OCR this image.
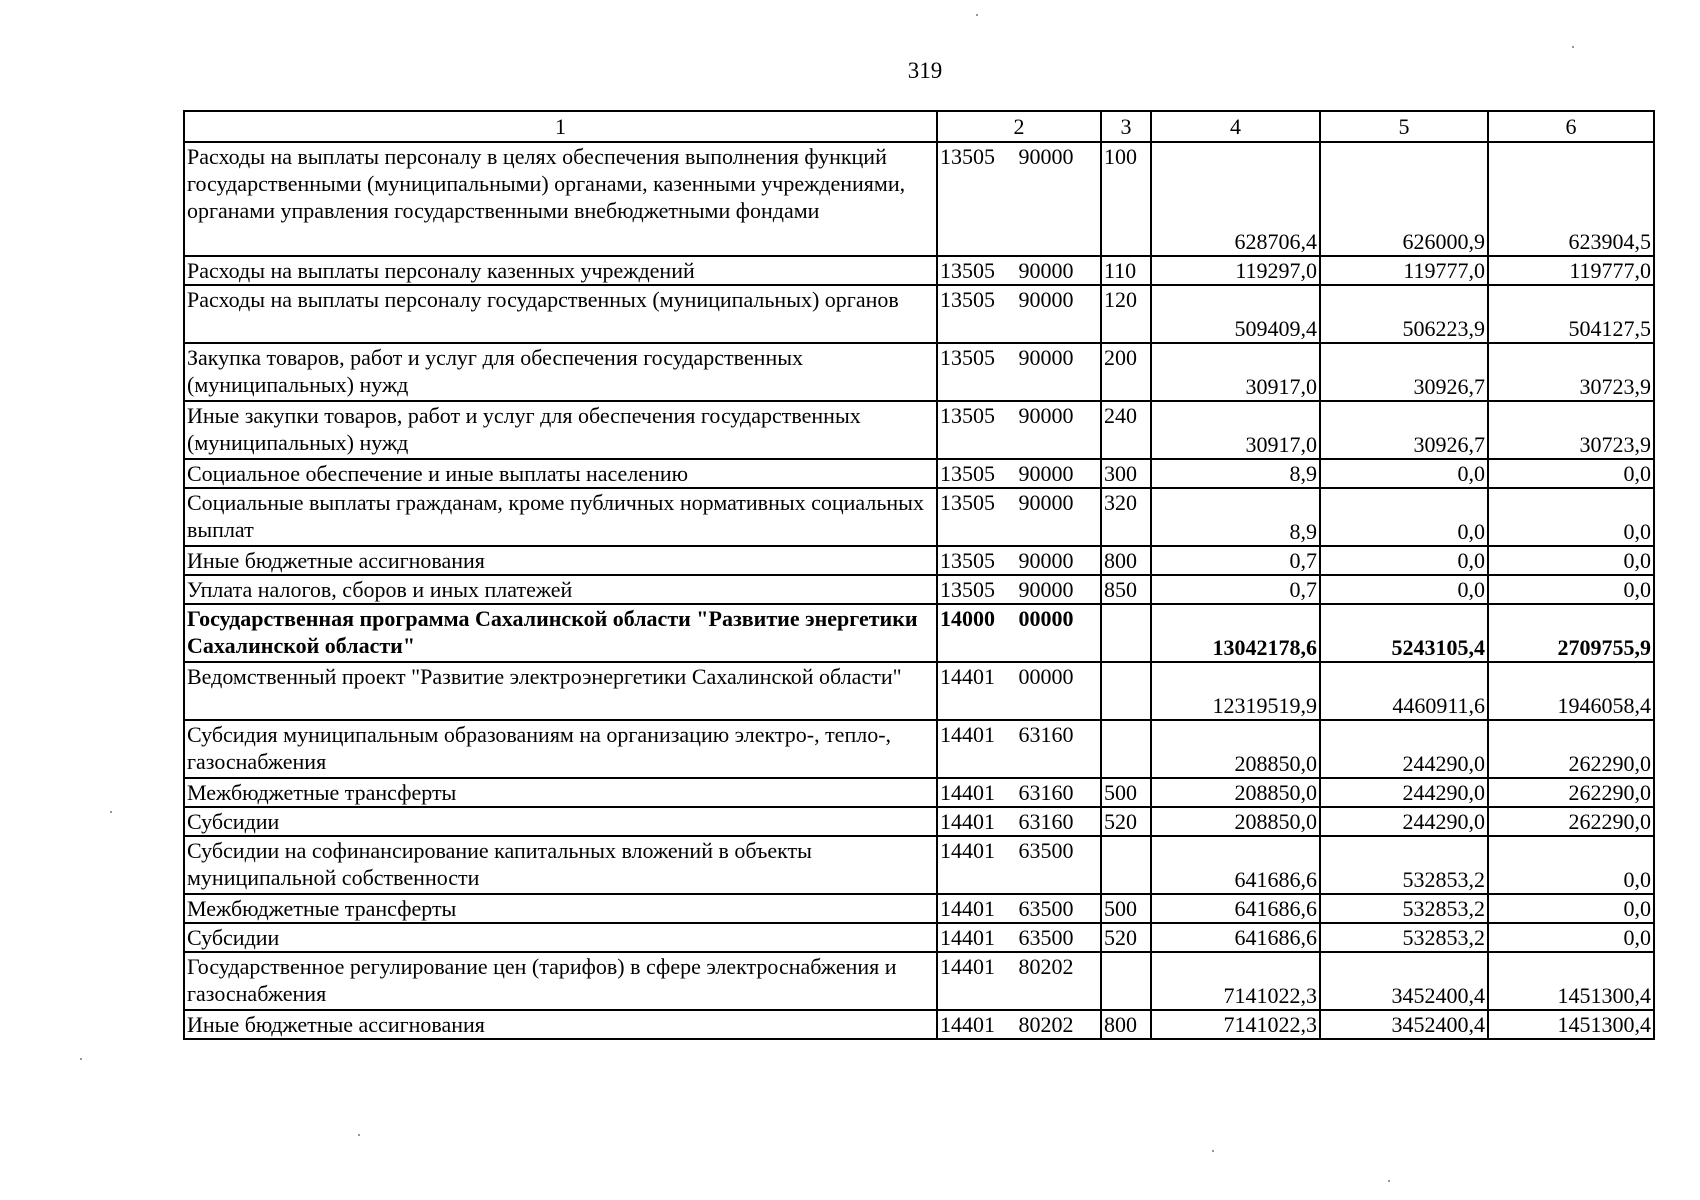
319
1	2	3	4	5	6
Расходы на выплаты персоналу в целях обеспечения выполнения функций государственными (муниципальными) органами, казенными учреждениями, органами управления государственными внебюджетными фондами	13505 90000	100	628706,4	626000,9	623904,5
Расходы на выплаты персоналу казенных учреждений	13505 90000	110	119297,0	119777,0	119777,0
Расходы на выплаты персоналу государственных (муниципальных) органов	13505 90000	120	509409,4	506223,9	504127,5
Закупка товаров, работ и услуг для обеспечения государственных (муниципальных) нужд	13505 90000	200	30917,0	30926,7	30723,9
Иные закупки товаров, работ и услуг для обеспечения государственных (муниципальных) нужд	13505 90000	240	30917,0	30926,7	30723,9
Социальное обеспечение и иные выплаты населению	13505 90000	300	8,9	0,0	0,0
Социальные выплаты гражданам, кроме публичных нормативных социальных выплат	13505 90000	320	8,9	0,0	0,0
Иные бюджетные ассигнования	13505 90000	800	0,7	0,0	0,0
Уплата налогов, сборов и иных платежей	13505 90000	850	0,7	0,0	0,0
Государственная программа Сахалинской области "Развитие энергетики Сахалинской области"	14000 00000		13042178,6	5243105,4	2709755,9
Ведомственный проект "Развитие электроэнергетики Сахалинской области"	14401 00000		12319519,9	4460911,6	1946058,4
Субсидия муниципальным образованиям на организацию электро-, тепло-, газоснабжения	14401 63160		208850,0	244290,0	262290,0
Межбюджетные трансферты	14401 63160	500	208850,0	244290,0	262290,0
Субсидии	14401 63160	520	208850,0	244290,0	262290,0
Субсидии на софинансирование капитальных вложений в объекты муниципальной собственности	14401 63500		641686,6	532853,2	0,0
Межбюджетные трансферты	14401 63500	500	641686,6	532853,2	0,0
Субсидии	14401 63500	520	641686,6	532853,2	0,0
Государственное регулирование цен (тарифов) в сфере электроснабжения и газоснабжения	14401 80202		7141022,3	3452400,4	1451300,4
Иные бюджетные ассигнования	14401 80202	800	7141022,3	3452400,4	1451300,4
